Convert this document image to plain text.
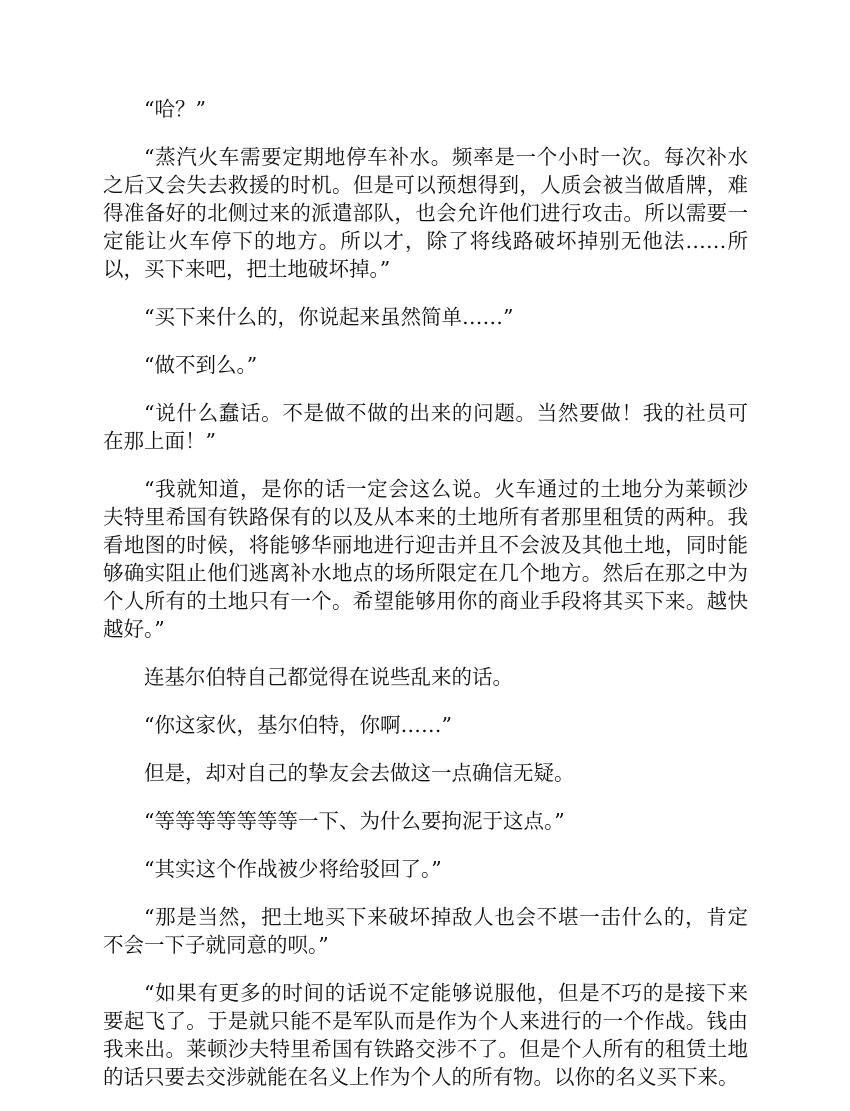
“哈？”

“蒸汽火车需要定期地停车补水。频率是一个小时一次。每次补水之后又会失去救援的时机。但是可以预想得到，人质会被当做盾牌，难得准备好的北侧过来的派遣部队，也会允许他们进行攻击。所以需要一定能让火车停下的地方。所以才，除了将线路破坏掉别无他法……所以，买下来吧，把土地破坏掉。”

“买下来什么的，你说起来虽然简单……”

“做不到么。”

“说什么蠢话。不是做不做的出来的问题。当然要做！我的社员可在那上面！”

“我就知道，是你的话一定会这么说。火车通过的土地分为莱顿沙夫特里希国有铁路保有的以及从本来的土地所有者那里租赁的两种。我看地图的时候，将能够华丽地进行迎击并且不会波及其他土地，同时能够确实阻止他们逃离补水地点的场所限定在几个地方。然后在那之中为个人所有的土地只有一个。希望能够用你的商业手段将其买下来。越快越好。”

连基尔伯特自己都觉得在说些乱来的话。

“你这家伙，基尔伯特，你啊……”

但是，却对自己的挚友会去做这一点确信无疑。

“等等等等等等等一下、为什么要拘泥于这点。”

“其实这个作战被少将给驳回了。”

“那是当然，把土地买下来破坏掉敌人也会不堪一击什么的，肯定不会一下子就同意的呗。”

“如果有更多的时间的话说不定能够说服他，但是不巧的是接下来要起飞了。于是就只能不是军队而是作为个人来进行的一个作战。钱由我来出。莱顿沙夫特里希国有铁路交涉不了。但是个人所有的租赁土地的话只要去交涉就能在名义上作为个人的所有物。以你的名义买下来。
